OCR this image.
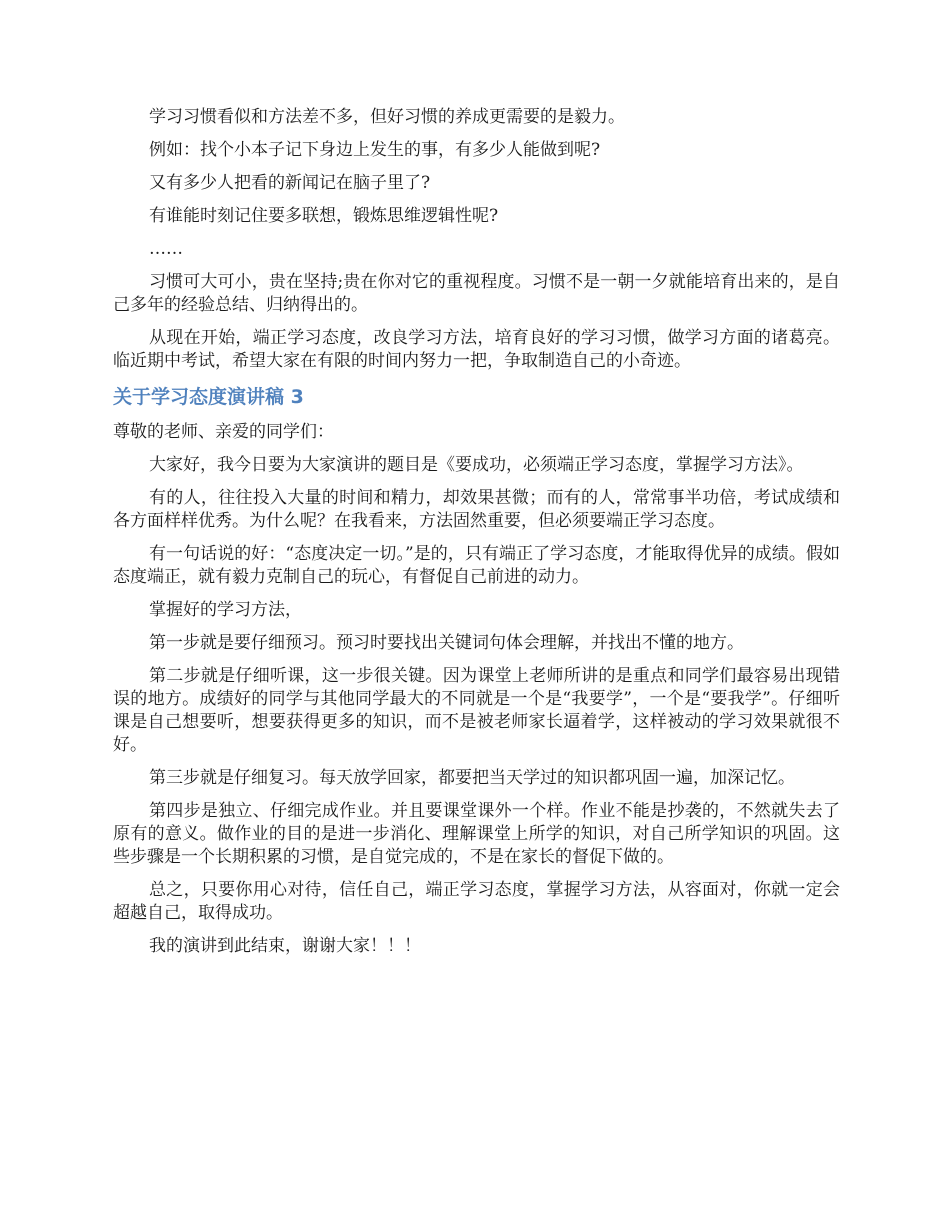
学习习惯看似和方法差不多，但好习惯的养成更需要的是毅力。

例如：找个小本子记下身边上发生的事，有多少人能做到呢?

又有多少人把看的新闻记在脑子里了?

有谁能时刻记住要多联想，锻炼思维逻辑性呢?

……

习惯可大可小，贵在坚持;贵在你对它的重视程度。习惯不是一朝一夕就能培育出来的，是自己多年的经验总结、归纳得出的。

从现在开始，端正学习态度，改良学习方法，培育良好的学习习惯，做学习方面的诸葛亮。临近期中考试，希望大家在有限的时间内努力一把，争取制造自己的小奇迹。

关于学习态度演讲稿 3

尊敬的老师、亲爱的同学们：

大家好，我今日要为大家演讲的题目是《要成功，必须端正学习态度，掌握学习方法》。

有的人，往往投入大量的时间和精力，却效果甚微；而有的人，常常事半功倍，考试成绩和各方面样样优秀。为什么呢？在我看来，方法固然重要，但必须要端正学习态度。

有一句话说的好：“态度决定一切。”是的，只有端正了学习态度，才能取得优异的成绩。假如态度端正，就有毅力克制自己的玩心，有督促自己前进的动力。

掌握好的学习方法，

第一步就是要仔细预习。预习时要找出关键词句体会理解，并找出不懂的地方。

第二步就是仔细听课，这一步很关键。因为课堂上老师所讲的是重点和同学们最容易出现错误的地方。成绩好的同学与其他同学最大的不同就是一个是“我要学”，一个是“要我学”。仔细听课是自己想要听，想要获得更多的知识，而不是被老师家长逼着学，这样被动的学习效果就很不好。

第三步就是仔细复习。每天放学回家，都要把当天学过的知识都巩固一遍，加深记忆。

第四步是独立、仔细完成作业。并且要课堂课外一个样。作业不能是抄袭的，不然就失去了原有的意义。做作业的目的是进一步消化、理解课堂上所学的知识，对自己所学知识的巩固。这些步骤是一个长期积累的习惯，是自觉完成的，不是在家长的督促下做的。

总之，只要你用心对待，信任自己，端正学习态度，掌握学习方法，从容面对，你就一定会超越自己，取得成功。

我的演讲到此结束，谢谢大家！！！
